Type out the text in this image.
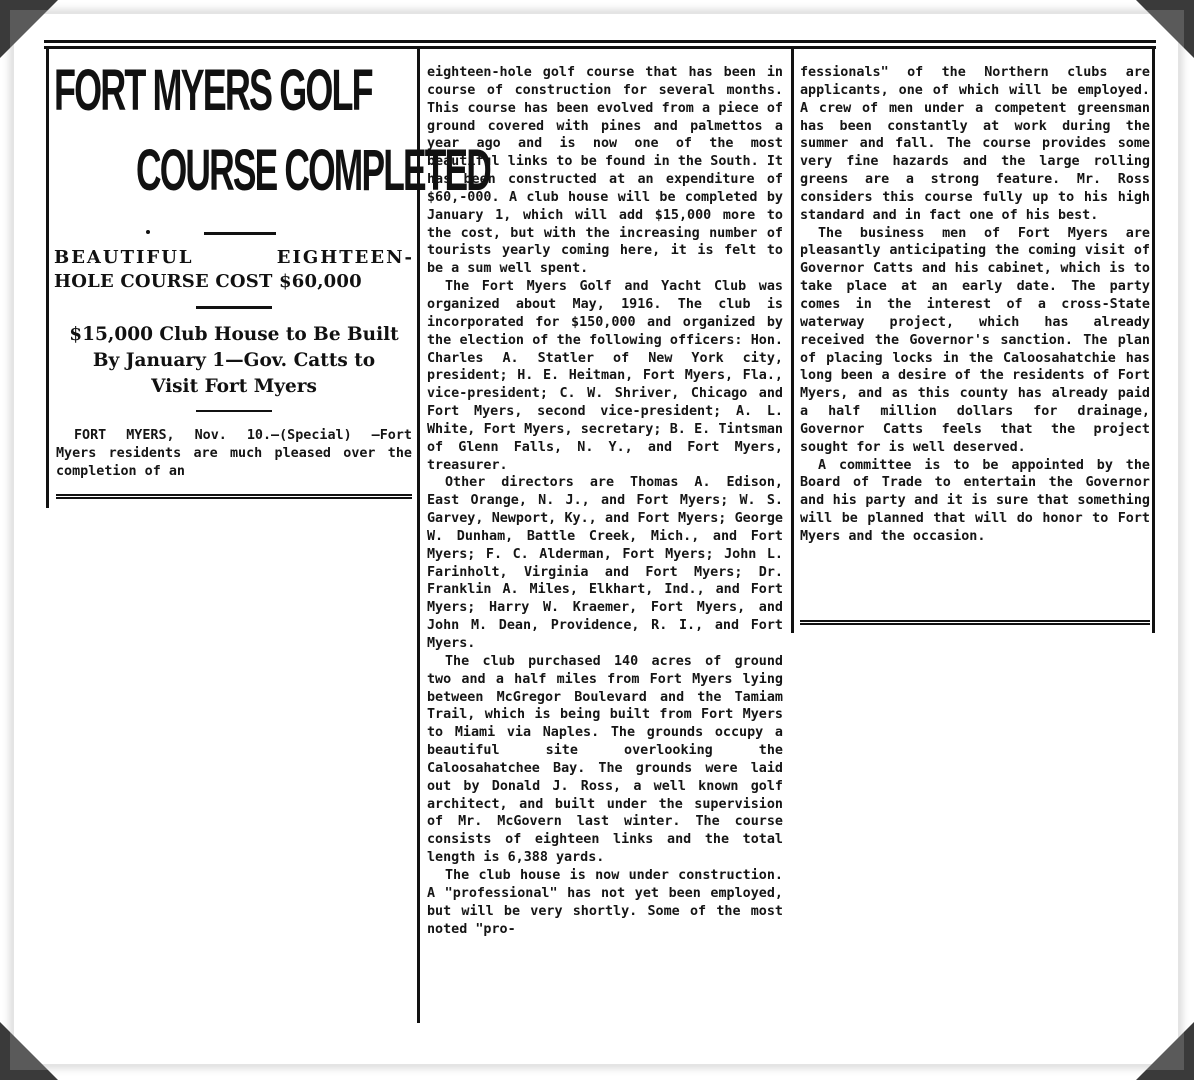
FORT MYERS GOLF
COURSE COMPLETED
BEAUTIFUL	EIGHTEEN-
HOLE COURSE COST $60,000
$15,000 Club House to Be Built
By January 1—Gov. Catts to
Visit Fort Myers
FORT MYERS, Nov. 10.—(Special) —Fort Myers residents are much pleased over the completion of an

eighteen-hole golf course that has been in course of construction for several months. This course has been evolved from a piece of ground covered with pines and palmettos a year ago and is now one of the most beautiful links to be found in the South. It has been constructed at an expenditure of $60,-000. A club house will be completed by January 1, which will add $15,000 more to the cost, but with the increasing number of tourists yearly coming here, it is felt to be a sum well spent.

The Fort Myers Golf and Yacht Club was organized about May, 1916. The club is incorporated for $150,000 and organized by the election of the following officers: Hon. Charles A. Statler of New York city, president; H. E. Heitman, Fort Myers, Fla., vice-president; C. W. Shriver, Chicago and Fort Myers, second vice-president; A. L. White, Fort Myers, secretary; B. E. Tintsman of Glenn Falls, N. Y., and Fort Myers, treasurer.

Other directors are Thomas A. Edison, East Orange, N. J., and Fort Myers; W. S. Garvey, Newport, Ky., and Fort Myers; George W. Dunham, Battle Creek, Mich., and Fort Myers; F. C. Alderman, Fort Myers; John L. Farinholt, Virginia and Fort Myers; Dr. Franklin A. Miles, Elkhart, Ind., and Fort Myers; Harry W. Kraemer, Fort Myers, and John M. Dean, Providence, R. I., and Fort Myers.

The club purchased 140 acres of ground two and a half miles from Fort Myers lying between McGregor Boulevard and the Tamiam Trail, which is being built from Fort Myers to Miami via Naples. The grounds occupy a beautiful site overlooking the Caloosahatchee Bay. The grounds were laid out by Donald J. Ross, a well known golf architect, and built under the supervision of Mr. McGovern last winter. The course consists of eighteen links and the total length is 6,388 yards.

The club house is now under construction. A "professional" has not yet been employed, but will be very shortly. Some of the most noted "pro-

fessionals" of the Northern clubs are applicants, one of which will be employed. A crew of men under a competent greensman has been constantly at work during the summer and fall. The course provides some very fine hazards and the large rolling greens are a strong feature. Mr. Ross considers this course fully up to his high standard and in fact one of his best.

The business men of Fort Myers are pleasantly anticipating the coming visit of Governor Catts and his cabinet, which is to take place at an early date. The party comes in the interest of a cross-State waterway project, which has already received the Governor's sanction. The plan of placing locks in the Caloosahatchie has long been a desire of the residents of Fort Myers, and as this county has already paid a half million dollars for drainage, Governor Catts feels that the project sought for is well deserved.

A committee is to be appointed by the Board of Trade to entertain the Governor and his party and it is sure that something will be planned that will do honor to Fort Myers and the occasion.
